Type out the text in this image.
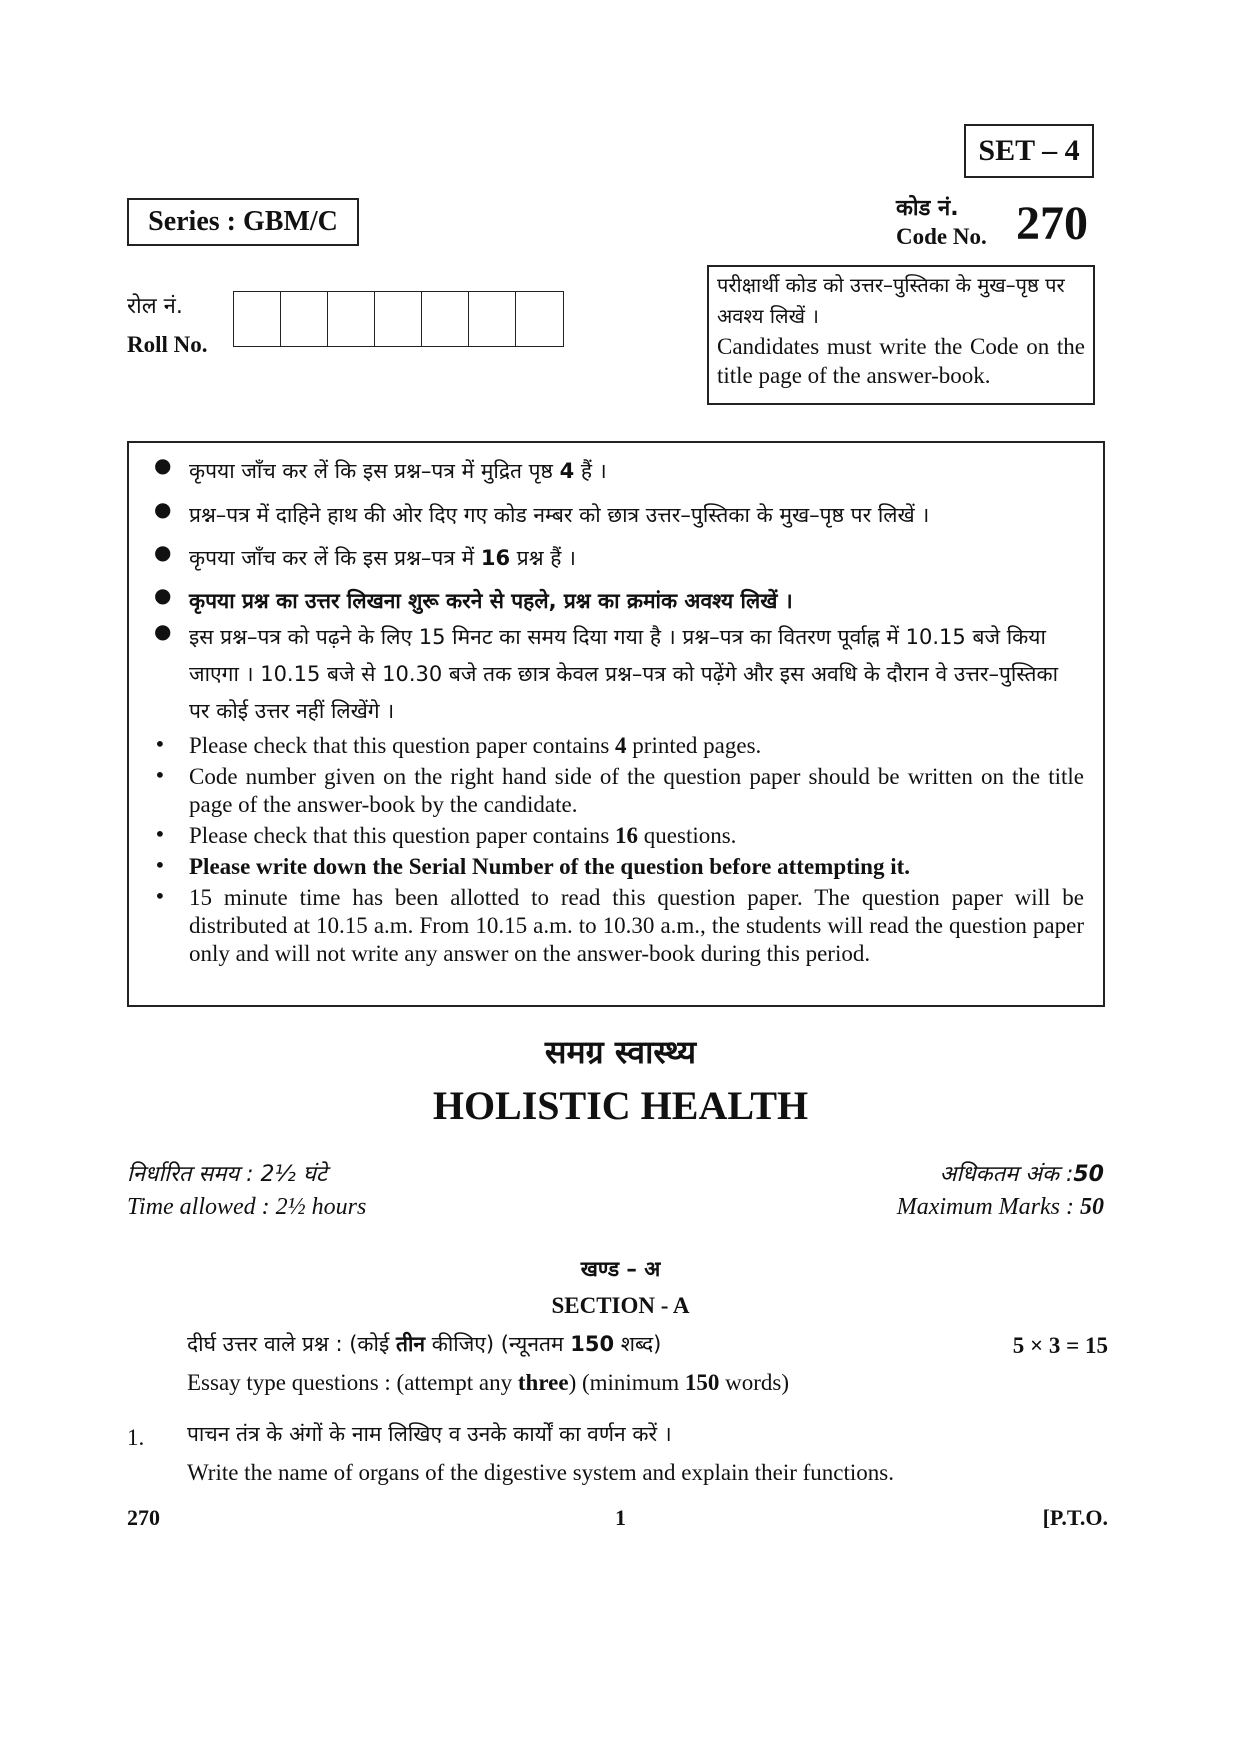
SET – 4
Series : GBM/C	कोड नं.
Code No. 270
रोल नं.
Roll No.
परीक्षार्थी कोड को उत्तर–पुस्तिका के मुख–पृष्ठ पर अवश्य लिखें ।
Candidates must write the Code on the title page of the answer-book.
● कृपया जाँच कर लें कि इस प्रश्न–पत्र में मुद्रित पृष्ठ 4 हैं ।
● प्रश्न–पत्र में दाहिने हाथ की ओर दिए गए कोड नम्बर को छात्र उत्तर–पुस्तिका के मुख–पृष्ठ पर लिखें ।
● कृपया जाँच कर लें कि इस प्रश्न–पत्र में 16 प्रश्न हैं ।
● कृपया प्रश्न का उत्तर लिखना शुरू करने से पहले, प्रश्न का क्रमांक अवश्य लिखें ।
● इस प्रश्न–पत्र को पढ़ने के लिए 15 मिनट का समय दिया गया है । प्रश्न–पत्र का वितरण पूर्वाह्न में 10.15 बजे किया जाएगा । 10.15 बजे से 10.30 बजे तक छात्र केवल प्रश्न–पत्र को पढ़ेंगे और इस अवधि के दौरान वे उत्तर–पुस्तिका पर कोई उत्तर नहीं लिखेंगे ।
• Please check that this question paper contains 4 printed pages.
• Code number given on the right hand side of the question paper should be written on the title page of the answer-book by the candidate.
• Please check that this question paper contains 16 questions.
• Please write down the Serial Number of the question before attempting it.
• 15 minute time has been allotted to read this question paper. The question paper will be distributed at 10.15 a.m. From 10.15 a.m. to 10.30 a.m., the students will read the question paper only and will not write any answer on the answer-book during this period.
समग्र स्वास्थ्य
HOLISTIC HEALTH
निर्धारित समय : 2½ घंटे
Time allowed : 2½ hours
अधिकतम अंक :50
Maximum Marks : 50
खण्ड – अ
SECTION - A
दीर्घ उत्तर वाले प्रश्न : (कोई तीन कीजिए) (न्यूनतम 150 शब्द)
Essay type questions : (attempt any three) (minimum 150 words)
5 × 3 = 15
1. पाचन तंत्र के अंगों के नाम लिखिए व उनके कार्यों का वर्णन करें ।
Write the name of organs of the digestive system and explain their functions.
270	1	[P.T.O.
